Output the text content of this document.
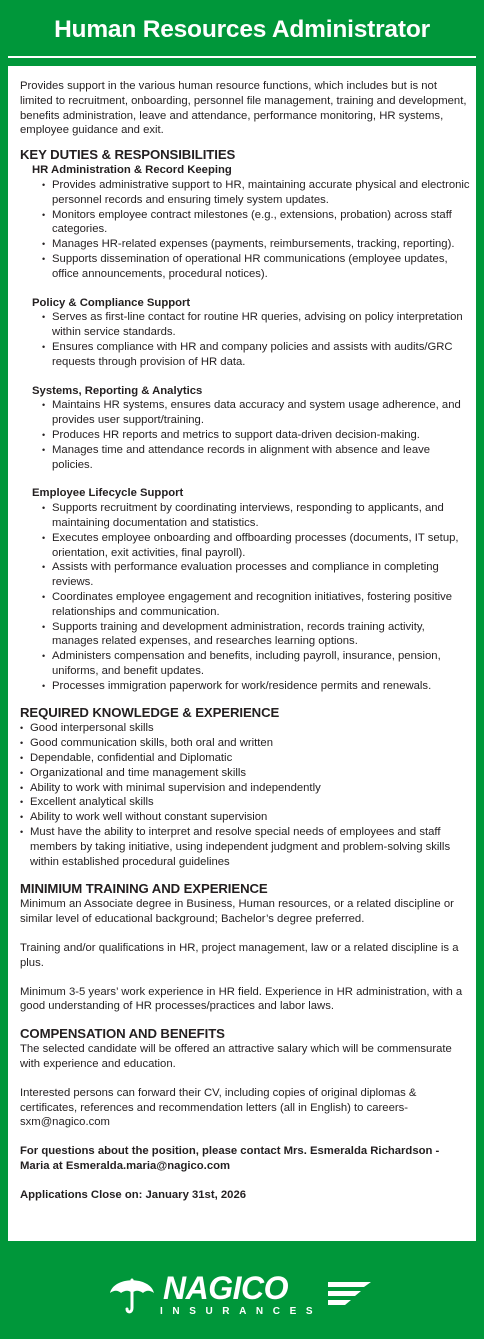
Human Resources Administrator

Provides support in the various human resource functions, which includes but is not limited to recruitment, onboarding, personnel file management, training and development, benefits administration, leave and attendance, performance monitoring, HR systems, employee guidance and exit.

KEY DUTIES & RESPONSIBILITIES
HR Administration & Record Keeping
• Provides administrative support to HR, maintaining accurate physical and electronic personnel records and ensuring timely system updates.
• Monitors employee contract milestones (e.g., extensions, probation) across staff categories.
• Manages HR-related expenses (payments, reimbursements, tracking, reporting).
• Supports dissemination of operational HR communications (employee updates, office announcements, procedural notices).
Policy & Compliance Support
• Serves as first-line contact for routine HR queries, advising on policy interpretation within service standards.
• Ensures compliance with HR and company policies and assists with audits/GRC requests through provision of HR data.
Systems, Reporting & Analytics
• Maintains HR systems, ensures data accuracy and system usage adherence, and provides user support/training.
• Produces HR reports and metrics to support data-driven decision-making.
• Manages time and attendance records in alignment with absence and leave policies.
Employee Lifecycle Support
• Supports recruitment by coordinating interviews, responding to applicants, and maintaining documentation and statistics.
• Executes employee onboarding and offboarding processes (documents, IT setup, orientation, exit activities, final payroll).
• Assists with performance evaluation processes and compliance in completing reviews.
• Coordinates employee engagement and recognition initiatives, fostering positive relationships and communication.
• Supports training and development administration, records training activity, manages related expenses, and researches learning options.
• Administers compensation and benefits, including payroll, insurance, pension, uniforms, and benefit updates.
• Processes immigration paperwork for work/residence permits and renewals.
REQUIRED KNOWLEDGE & EXPERIENCE
• Good interpersonal skills
• Good communication skills, both oral and written
• Dependable, confidential and Diplomatic
• Organizational and time management skills
• Ability to work with minimal supervision and independently
• Excellent analytical skills
• Ability to work well without constant supervision
• Must have the ability to interpret and resolve special needs of employees and staff members by taking initiative, using independent judgment and problem-solving skills within established procedural guidelines
MINIMIUM TRAINING AND EXPERIENCE

Minimum an Associate degree in Business, Human resources, or a related discipline or similar level of educational background; Bachelor’s degree preferred.

Training and/or qualifications in HR, project management, law or a related discipline is a plus.

Minimum 3-5 years’ work experience in HR field. Experience in HR administration, with a good understanding of HR processes/practices and labor laws.

COMPENSATION AND BENEFITS

The selected candidate will be offered an attractive salary which will be commensurate with experience and education.

Interested persons can forward their CV, including copies of original diplomas & certificates, references and recommendation letters (all in English) to careers-sxm@nagico.com

For questions about the position, please contact Mrs. Esmeralda Richardson - Maria at Esmeralda.maria@nagico.com

Applications Close on: January 31st, 2026

NAGICO
INSURANCES
